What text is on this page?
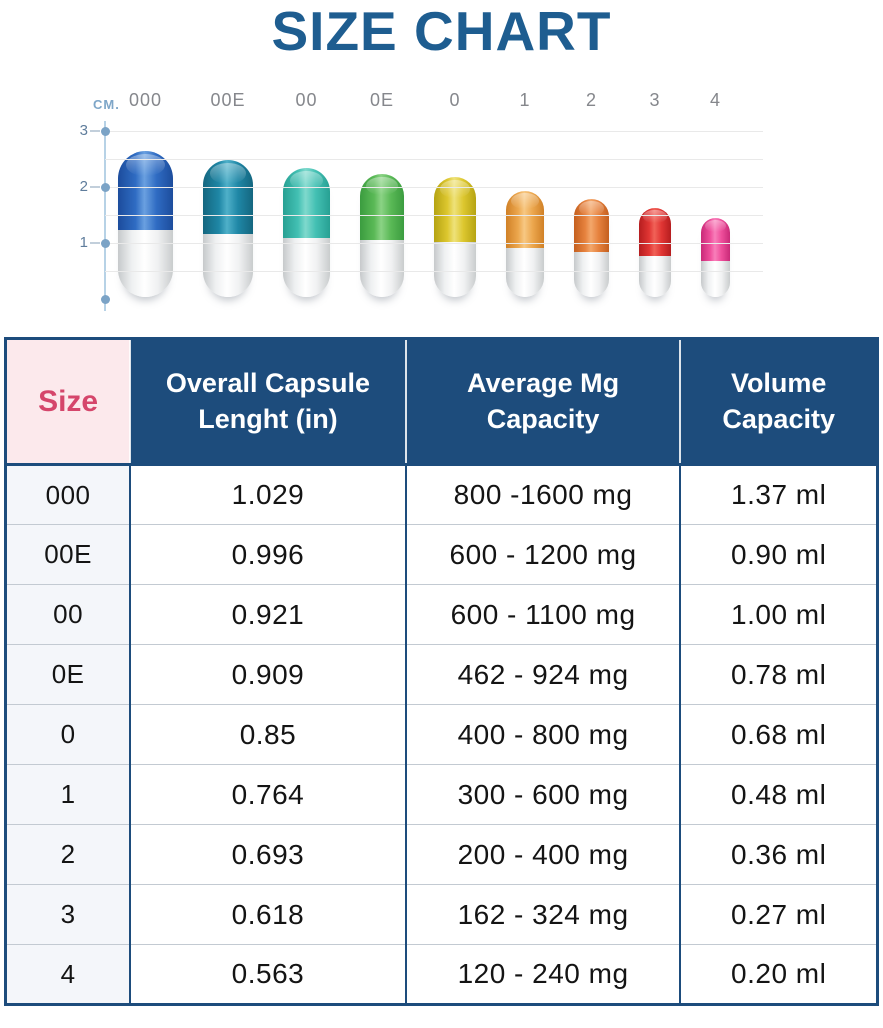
SIZE CHART
CM. 000	00E	00	0E	0	1	2	3	4
3
2
1
Size	Overall Capsule Lenght (in)	Average Mg Capacity	Volume Capacity
000	1.029	800 -1600 mg	1.37 ml
00E	0.996	600 - 1200 mg	0.90 ml
00	0.921	600 - 1100 mg	1.00 ml
0E	0.909	462 - 924 mg	0.78 ml
0	0.85	400 - 800 mg	0.68 ml
1	0.764	300 - 600 mg	0.48 ml
2	0.693	200 - 400 mg	0.36 ml
3	0.618	162 - 324 mg	0.27 ml
4	0.563	120 - 240 mg	0.20 ml
